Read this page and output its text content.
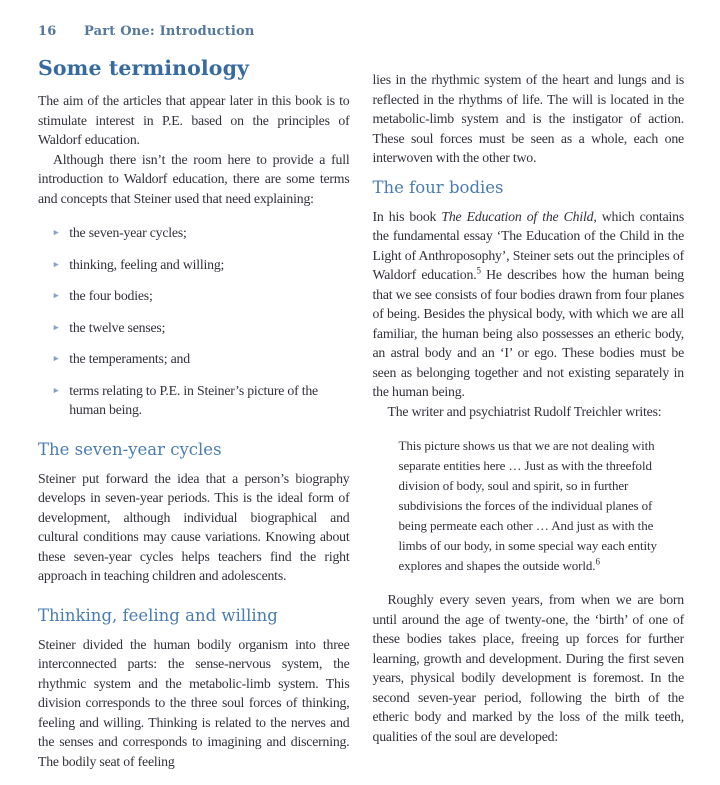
16	Part One: Introduction
Some terminology

The aim of the articles that appear later in this book is to stimulate interest in P.E. based on the principles of Waldorf education.

Although there isn’t the room here to provide a full introduction to Waldorf education, there are some terms and concepts that Steiner used that need explaining:

► the seven-year cycles;
► thinking, feeling and willing;
► the four bodies;
► the twelve senses;
► the temperaments; and
► terms relating to P.E. in Steiner’s picture of the human being.
The seven-year cycles

Steiner put forward the idea that a person’s biography develops in seven-year periods. This is the ideal form of development, although individual biographical and cultural conditions may cause variations. Knowing about these seven-year cycles helps teachers find the right approach in teaching children and adolescents.

Thinking, feeling and willing

Steiner divided the human bodily organism into three interconnected parts: the sense-nervous system, the rhythmic system and the metabolic-limb system. This division corresponds to the three soul forces of thinking, feeling and willing. Thinking is related to the nerves and the senses and corresponds to imagining and discerning. The bodily seat of feeling

lies in the rhythmic system of the heart and lungs and is reflected in the rhythms of life. The will is located in the metabolic-limb system and is the instigator of action. These soul forces must be seen as a whole, each one interwoven with the other two.

The four bodies

In his book The Education of the Child, which contains the fundamental essay ‘The Education of the Child in the Light of Anthroposophy’, Steiner sets out the principles of Waldorf education.$^5$ He describes how the human being that we see consists of four bodies drawn from four planes of being. Besides the physical body, with which we are all familiar, the human being also possesses an etheric body, an astral body and an ‘I’ or ego. These bodies must be seen as belonging together and not existing separately in the human being.

The writer and psychiatrist Rudolf Treichler writes:

This picture shows us that we are not dealing with separate entities here … Just as with the threefold division of body, soul and spirit, so in further subdivisions the forces of the individual planes of being permeate each other … And just as with the limbs of our body, in some special way each entity explores and shapes the outside world.$^6$

Roughly every seven years, from when we are born until around the age of twenty-one, the ‘birth’ of one of these bodies takes place, freeing up forces for further learning, growth and development. During the first seven years, physical bodily development is foremost. In the second seven-year period, following the birth of the etheric body and marked by the loss of the milk teeth, qualities of the soul are developed:
